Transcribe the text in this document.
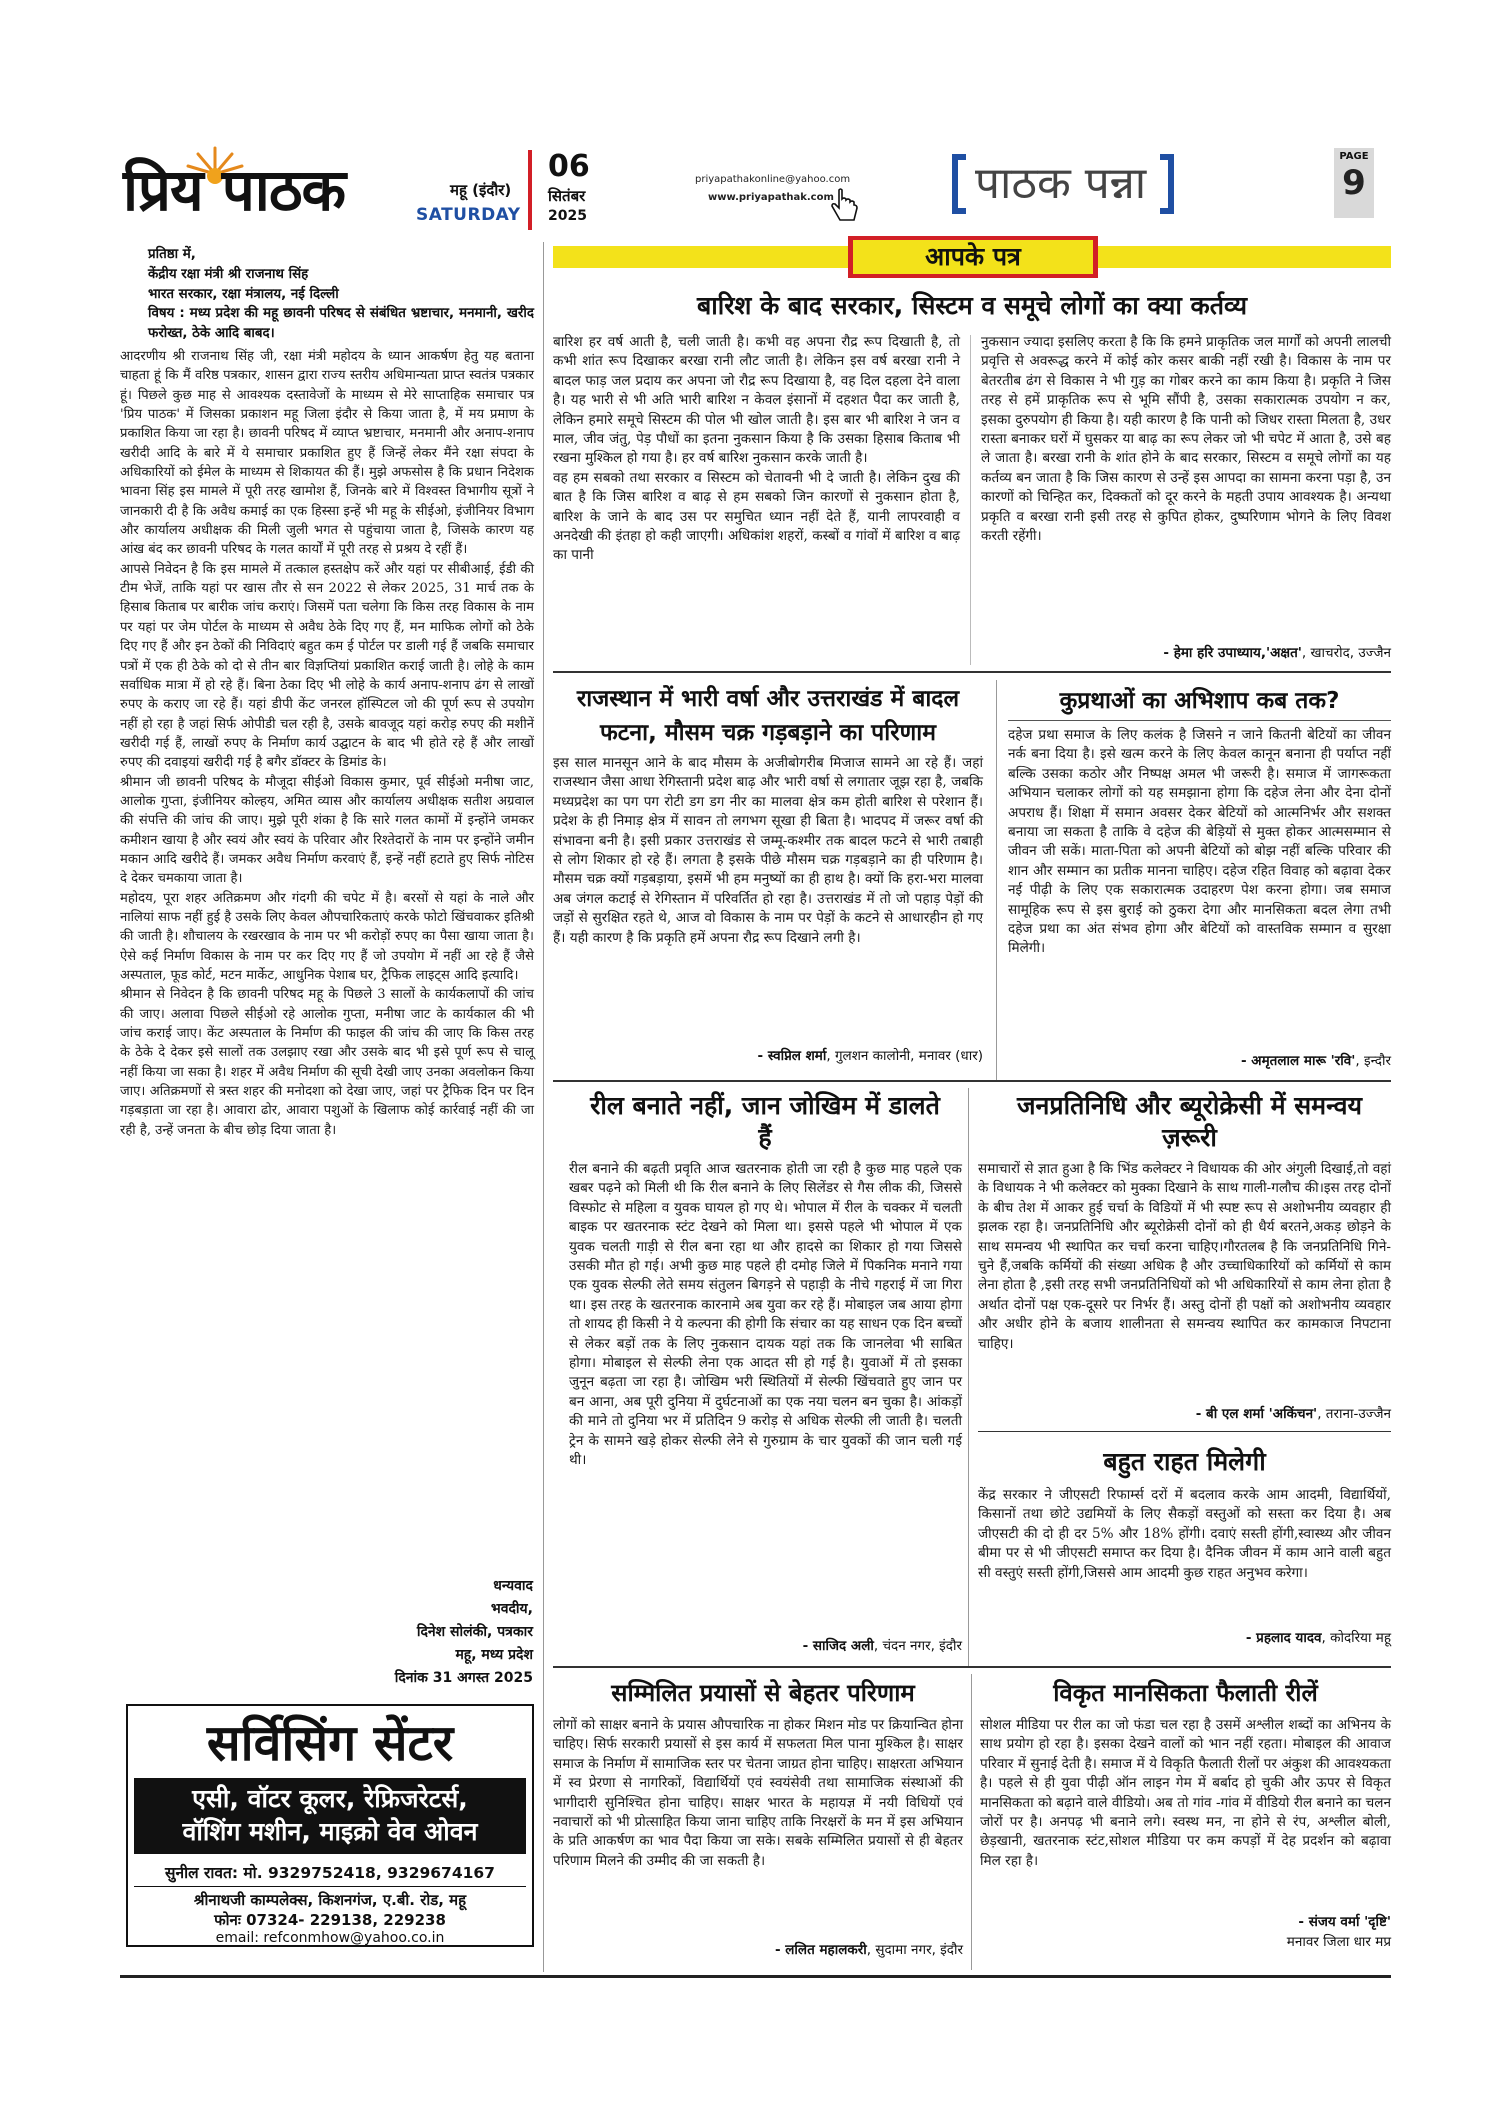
प्रिय पाठक	महू (इंदौर)
SATURDAY
06
सितंबर
2025
priyapathakonline@yahoo.com
www.priyapathak.com	पाठक पन्ना
PAGE
9
आपके पत्र
प्रतिष्ठा में,
केंद्रीय रक्षा मंत्री श्री राजनाथ सिंह
भारत सरकार, रक्षा मंत्रालय, नई दिल्ली
विषय : मध्य प्रदेश की महू छावनी परिषद से संबंधित भ्रष्टाचार, मनमानी, खरीद फरोख्त, ठेके आदि बाबद।
आदरणीय श्री राजनाथ सिंह जी, रक्षा मंत्री महोदय के ध्यान आकर्षण हेतु यह बताना चाहता हूं कि मैं वरिष्ठ पत्रकार, शासन द्वारा राज्य स्तरीय अधिमान्यता प्राप्त स्वतंत्र पत्रकार हूं। पिछले कुछ माह से आवश्यक दस्तावेजों के माध्यम से मेरे साप्ताहिक समाचार पत्र 'प्रिय पाठक' में जिसका प्रकाशन महू जिला इंदौर से किया जाता है, में मय प्रमाण के प्रकाशित किया जा रहा है। छावनी परिषद में व्याप्त भ्रष्टाचार, मनमानी और अनाप-शनाप खरीदी आदि के बारे में ये समाचार प्रकाशित हुए हैं जिन्हें लेकर मैंने रक्षा संपदा के अधिकारियों को ईमेल के माध्यम से शिकायत की हैं। मुझे अफसोस है कि प्रधान निदेशक भावना सिंह इस मामले में पूरी तरह खामोश हैं, जिनके बारे में विश्वस्त विभागीय सूत्रों ने जानकारी दी है कि अवैध कमाई का एक हिस्सा इन्हें भी महू के सीईओ, इंजीनियर विभाग और कार्यालय अधीक्षक की मिली जुली भगत से पहुंचाया जाता है, जिसके कारण यह आंख बंद कर छावनी परिषद के गलत कार्यों में पूरी तरह से प्रश्रय दे रहीं हैं।
आपसे निवेदन है कि इस मामले में तत्काल हस्तक्षेप करें और यहां पर सीबीआई, ईडी की टीम भेजें, ताकि यहां पर खास तौर से सन 2022 से लेकर 2025, 31 मार्च तक के हिसाब किताब पर बारीक जांच कराएं। जिसमें पता चलेगा कि किस तरह विकास के नाम पर यहां पर जेम पोर्टल के माध्यम से अवैध ठेके दिए गए हैं, मन माफिक लोगों को ठेके दिए गए हैं और इन ठेकों की निविदाएं बहुत कम ई पोर्टल पर डाली गई हैं जबकि समाचार पत्रों में एक ही ठेके को दो से तीन बार विज्ञप्तियां प्रकाशित कराई जाती है। लोहे के काम सर्वाधिक मात्रा में हो रहे हैं। बिना ठेका दिए भी लोहे के कार्य अनाप-शनाप ढंग से लाखों रुपए के कराए जा रहे हैं। यहां डीपी केंट जनरल हॉस्पिटल जो की पूर्ण रूप से उपयोग नहीं हो रहा है जहां सिर्फ ओपीडी चल रही है, उसके बावजूद यहां करोड़ रुपए की मशीनें खरीदी गई हैं, लाखों रुपए के निर्माण कार्य उद्घाटन के बाद भी होते रहे हैं और लाखों रुपए की दवाइयां खरीदी गई है बगैर डॉक्टर के डिमांड के।
श्रीमान जी छावनी परिषद के मौजूदा सीईओ विकास कुमार, पूर्व सीईओ मनीषा जाट, आलोक गुप्ता, इंजीनियर कोल्हय, अमित व्यास और कार्यालय अधीक्षक सतीश अग्रवाल की संपत्ति की जांच की जाए। मुझे पूरी शंका है कि सारे गलत कामों में इन्होंने जमकर कमीशन खाया है और स्वयं और स्वयं के परिवार और रिश्तेदारों के नाम पर इन्होंने जमीन मकान आदि खरीदे हैं। जमकर अवैध निर्माण करवाएं हैं, इन्हें नहीं हटाते हुए सिर्फ नोटिस दे देकर चमकाया जाता है।
महोदय, पूरा शहर अतिक्रमण और गंदगी की चपेट में है। बरसों से यहां के नाले और नालियां साफ नहीं हुई है उसके लिए केवल औपचारिकताएं करके फोटो खिंचवाकर इतिश्री की जाती है। शौचालय के रखरखाव के नाम पर भी करोड़ों रुपए का पैसा खाया जाता है। ऐसे कई निर्माण विकास के नाम पर कर दिए गए हैं जो उपयोग में नहीं आ रहे हैं जैसे अस्पताल, फूड कोर्ट, मटन मार्केट, आधुनिक पेशाब घर, ट्रैफिक लाइट्स आदि इत्यादि।
श्रीमान से निवेदन है कि छावनी परिषद महू के पिछले 3 सालों के कार्यकलापों की जांच की जाए। अलावा पिछले सीईओ रहे आलोक गुप्ता, मनीषा जाट के कार्यकाल की भी जांच कराई जाए। केंट अस्पताल के निर्माण की फाइल की जांच की जाए कि किस तरह के ठेके दे देकर इसे सालों तक उलझाए रखा और उसके बाद भी इसे पूर्ण रूप से चालू नहीं किया जा सका है। शहर में अवैध निर्माण की सूची देखी जाए उनका अवलोकन किया जाए। अतिक्रमणों से त्रस्त शहर की मनोदशा को देखा जाए, जहां पर ट्रैफिक दिन पर दिन गड़बड़ाता जा रहा है। आवारा ढोर, आवारा पशुओं के खिलाफ कोई कार्रवाई नहीं की जा रही है, उन्हें जनता के बीच छोड़ दिया जाता है।
धन्यवाद
भवदीय,
दिनेश सोलंकी, पत्रकार
महू, मध्य प्रदेश
दिनांक 31 अगस्त 2025
सर्विसिंग सेंटर
एसी, वॉटर कूलर, रेफ्रिजरेटर्स,
वॉशिंग मशीन, माइक्रो वेव ओवन
सुनील रावत: मो. 9329752418, 9329674167
श्रीनाथजी काम्पलेक्स, किशनगंज, ए.बी. रोड, महू
फोनः 07324- 229138, 229238
email: refconmhow@yahoo.co.in
बारिश के बाद सरकार, सिस्टम व समूचे लोगों का क्या कर्तव्य
बारिश हर वर्ष आती है, चली जाती है। कभी वह अपना रौद्र रूप दिखाती है, तो कभी शांत रूप दिखाकर बरखा रानी लौट जाती है। लेकिन इस वर्ष बरखा रानी ने बादल फाड़ जल प्रदाय कर अपना जो रौद्र रूप दिखाया है, वह दिल दहला देने वाला है। यह भारी से भी अति भारी बारिश न केवल इंसानों में दहशत पैदा कर जाती है, लेकिन हमारे समूचे सिस्टम की पोल भी खोल जाती है। इस बार भी बारिश ने जन व माल, जीव जंतु, पेड़ पौधों का इतना नुकसान किया है कि उसका हिसाब किताब भी रखना मुश्किल हो गया है। हर वर्ष बारिश नुकसान करके जाती है।
वह हम सबको तथा सरकार व सिस्टम को चेतावनी भी दे जाती है। लेकिन दुख की बात है कि जिस बारिश व बाढ़ से हम सबको जिन कारणों से नुकसान होता है, बारिश के जाने के बाद उस पर समुचित ध्यान नहीं देते हैं, यानी लापरवाही व अनदेखी की इंतहा हो कही जाएगी। अधिकांश शहरों, कस्बों व गांवों में बारिश व बाढ़ का पानी
नुकसान ज्यादा इसलिए करता है कि कि हमने प्राकृतिक जल मार्गों को अपनी लालची प्रवृत्ति से अवरूद्ध करने में कोई कोर कसर बाकी नहीं रखी है। विकास के नाम पर बेतरतीब ढंग से विकास ने भी गुड़ का गोबर करने का काम किया है। प्रकृति ने जिस तरह से हमें प्राकृतिक रूप से भूमि सौंपी है, उसका सकारात्मक उपयोग न कर, इसका दुरुपयोग ही किया है। यही कारण है कि पानी को जिधर रास्ता मिलता है, उधर रास्ता बनाकर घरों में घुसकर या बाढ़ का रूप लेकर जो भी चपेट में आता है, उसे बह ले जाता है। बरखा रानी के शांत होने के बाद सरकार, सिस्टम व समूचे लोगों का यह कर्तव्य बन जाता है कि जिस कारण से उन्हें इस आपदा का सामना करना पड़ा है, उन कारणों को चिन्हित कर, दिक्कतों को दूर करने के महती उपाय आवश्यक है। अन्यथा प्रकृति व बरखा रानी इसी तरह से कुपित होकर, दुष्परिणाम भोगने के लिए विवश करती रहेंगी।
- हेमा हरि उपाध्याय,'अक्षत', खाचरोद, उज्जैन
राजस्थान में भारी वर्षा और उत्तराखंड में बादल फटना, मौसम चक्र गड़बड़ाने का परिणाम
इस साल मानसून आने के बाद मौसम के अजीबोगरीब मिजाज सामने आ रहे हैं। जहां राजस्थान जैसा आधा रेगिस्तानी प्रदेश बाढ़ और भारी वर्षा से लगातार जूझ रहा है, जबकि मध्यप्रदेश का पग पग रोटी डग डग नीर का मालवा क्षेत्र कम होती बारिश से परेशान हैं। प्रदेश के ही निमाड़ क्षेत्र में सावन तो लगभग सूखा ही बिता है। भादपद में जरूर वर्षा की संभावना बनी है। इसी प्रकार उत्तराखंड से जम्मू-कश्मीर तक बादल फटने से भारी तबाही से लोग शिकार हो रहे हैं। लगता है इसके पीछे मौसम चक्र गड़बड़ाने का ही परिणाम है। मौसम चक्र क्यों गड़बड़ाया, इसमें भी हम मनुष्यों का ही हाथ है। क्यों कि हरा-भरा मालवा अब जंगल कटाई से रेगिस्तान में परिवर्तित हो रहा है। उत्तराखंड में तो जो पहाड़ पेड़ों की जड़ों से सुरक्षित रहते थे, आज वो विकास के नाम पर पेड़ों के कटने से आधारहीन हो गए हैं। यही कारण है कि प्रकृति हमें अपना रौद्र रूप दिखाने लगी है।
- स्वप्निल शर्मा, गुलशन कालोनी, मनावर (धार)
कुप्रथाओं का अभिशाप कब तक?
दहेज प्रथा समाज के लिए कलंक है जिसने न जाने कितनी बेटियों का जीवन नर्क बना दिया है। इसे खत्म करने के लिए केवल कानून बनाना ही पर्याप्त नहीं बल्कि उसका कठोर और निष्पक्ष अमल भी जरूरी है। समाज में जागरूकता अभियान चलाकर लोगों को यह समझाना होगा कि दहेज लेना और देना दोनों अपराध हैं। शिक्षा में समान अवसर देकर बेटियों को आत्मनिर्भर और सशक्त बनाया जा सकता है ताकि वे दहेज की बेड़ियों से मुक्त होकर आत्मसम्मान से जीवन जी सकें। माता-पिता को अपनी बेटियों को बोझ नहीं बल्कि परिवार की शान और सम्मान का प्रतीक मानना चाहिए। दहेज रहित विवाह को बढ़ावा देकर नई पीढ़ी के लिए एक सकारात्मक उदाहरण पेश करना होगा। जब समाज सामूहिक रूप से इस बुराई को ठुकरा देगा और मानसिकता बदल लेगा तभी दहेज प्रथा का अंत संभव होगा और बेटियों को वास्तविक सम्मान व सुरक्षा मिलेगी।
- अमृतलाल मारू 'रवि', इन्दौर
रील बनाते नहीं, जान जोखिम में डालते हैं
रील बनाने की बढ़ती प्रवृति आज खतरनाक होती जा रही है कुछ माह पहले एक खबर पढ़ने को मिली थी कि रील बनाने के लिए सिलेंडर से गैस लीक की, जिससे विस्फोट से महिला व युवक घायल हो गए थे। भोपाल में रील के चक्कर में चलती बाइक पर खतरनाक स्टंट देखने को मिला था। इससे पहले भी भोपाल में एक युवक चलती गाड़ी से रील बना रहा था और हादसे का शिकार हो गया जिससे उसकी मौत हो गई। अभी कुछ माह पहले ही दमोह जिले में पिकनिक मनाने गया एक युवक सेल्फी लेते समय संतुलन बिगड़ने से पहाड़ी के नीचे गहराई में जा गिरा था। इस तरह के खतरनाक कारनामे अब युवा कर रहे हैं। मोबाइल जब आया होगा तो शायद ही किसी ने ये कल्पना की होगी कि संचार का यह साधन एक दिन बच्चों से लेकर बड़ों तक के लिए नुकसान दायक यहां तक कि जानलेवा भी साबित होगा। मोबाइल से सेल्फी लेना एक आदत सी हो गई है। युवाओं में तो इसका जुनून बढ़ता जा रहा है। जोखिम भरी स्थितियों में सेल्फी खिंचवाते हुए जान पर बन आना, अब पूरी दुनिया में दुर्घटनाओं का एक नया चलन बन चुका है। आंकड़ों की माने तो दुनिया भर में प्रतिदिन 9 करोड़ से अधिक सेल्फी ली जाती है। चलती ट्रेन के सामने खड़े होकर सेल्फी लेने से गुरुग्राम के चार युवकों की जान चली गई थी।
- साजिद अली, चंदन नगर, इंदौर
जनप्रतिनिधि और ब्यूरोक्रेसी में समन्वय ज़रूरी
समाचारों से ज्ञात हुआ है कि भिंड कलेक्टर ने विधायक की ओर अंगुली दिखाई,तो वहां के विधायक ने भी कलेक्टर को मुक्का दिखाने के साथ गाली-गलौच की।इस तरह दोनों के बीच तेश में आकर हुई चर्चा के विडियों में भी स्पष्ट रूप से अशोभनीय व्यवहार ही झलक रहा है। जनप्रतिनिधि और ब्यूरोक्रेसी दोनों को ही धैर्य बरतने,अकड़ छोड़ने के साथ समन्वय भी स्थापित कर चर्चा करना चाहिए।गौरतलब है कि जनप्रतिनिधि गिने-चुने हैं,जबकि कर्मियों की संख्या अधिक है और उच्चाधिकारियों को कर्मियों से काम लेना होता है ,इसी तरह सभी जनप्रतिनिधियों को भी अधिकारियों से काम लेना होता है अर्थात दोनों पक्ष एक-दूसरे पर निर्भर हैं। अस्तु दोनों ही पक्षों को अशोभनीय व्यवहार और अधीर होने के बजाय शालीनता से समन्वय स्थापित कर कामकाज निपटाना चाहिए।
- बी एल शर्मा 'अकिंचन', तराना-उज्जैन
बहुत राहत मिलेगी
केंद्र सरकार ने जीएसटी रिफार्म्स दरों में बदलाव करके आम आदमी, विद्यार्थियों, किसानों तथा छोटे उद्यमियों के लिए सैकड़ों वस्तुओं को सस्ता कर दिया है। अब जीएसटी की दो ही दर 5% और 18% होंगी। दवाएं सस्ती होंगी,स्वास्थ्य और जीवन बीमा पर से भी जीएसटी समाप्त कर दिया है। दैनिक जीवन में काम आने वाली बहुत सी वस्तुएं सस्ती होंगी,जिससे आम आदमी कुछ राहत अनुभव करेगा।
- प्रहलाद यादव, कोदरिया महू
सम्मिलित प्रयासों से बेहतर परिणाम
लोगों को साक्षर बनाने के प्रयास औपचारिक ना होकर मिशन मोड पर क्रियान्वित होना चाहिए। सिर्फ सरकारी प्रयासों से इस कार्य में सफलता मिल पाना मुश्किल है। साक्षर समाज के निर्माण में सामाजिक स्तर पर चेतना जाग्रत होना चाहिए। साक्षरता अभियान में स्व प्रेरणा से नागरिकों, विद्यार्थियों एवं स्वयंसेवी तथा सामाजिक संस्थाओं की भागीदारी सुनिश्चित होना चाहिए। साक्षर भारत के महायज्ञ में नयी विधियों एवं नवाचारों को भी प्रोत्साहित किया जाना चाहिए ताकि निरक्षरों के मन में इस अभियान के प्रति आकर्षण का भाव पैदा किया जा सके। सबके सम्मिलित प्रयासों से ही बेहतर परिणाम मिलने की उम्मीद की जा सकती है।
- ललित महालकरी, सुदामा नगर, इंदौर
विकृत मानसिकता फैलाती रीलें
सोशल मीडिया पर रील का जो फंडा चल रहा है उसमें अश्लील शब्दों का अभिनय के साथ प्रयोग हो रहा है। इसका देखने वालों को भान नहीं रहता। मोबाइल की आवाज परिवार में सुनाई देती है। समाज में ये विकृति फैलाती रीलों पर अंकुश की आवश्यकता है। पहले से ही युवा पीढ़ी ऑन लाइन गेम में बर्बाद हो चुकी और ऊपर से विकृत मानसिकता को बढ़ाने वाले वीडियो। अब तो गांव -गांव में वीडियो रील बनाने का चलन जोरों पर है। अनपढ़ भी बनाने लगे। स्वस्थ मन, ना होने से रंप, अश्लील बोली, छेड़खानी, खतरनाक स्टंट,सोशल मीडिया पर कम कपड़ों में देह प्रदर्शन को बढ़ावा मिल रहा है।
- संजय वर्मा 'दृष्टि'
मनावर जिला धार मप्र
